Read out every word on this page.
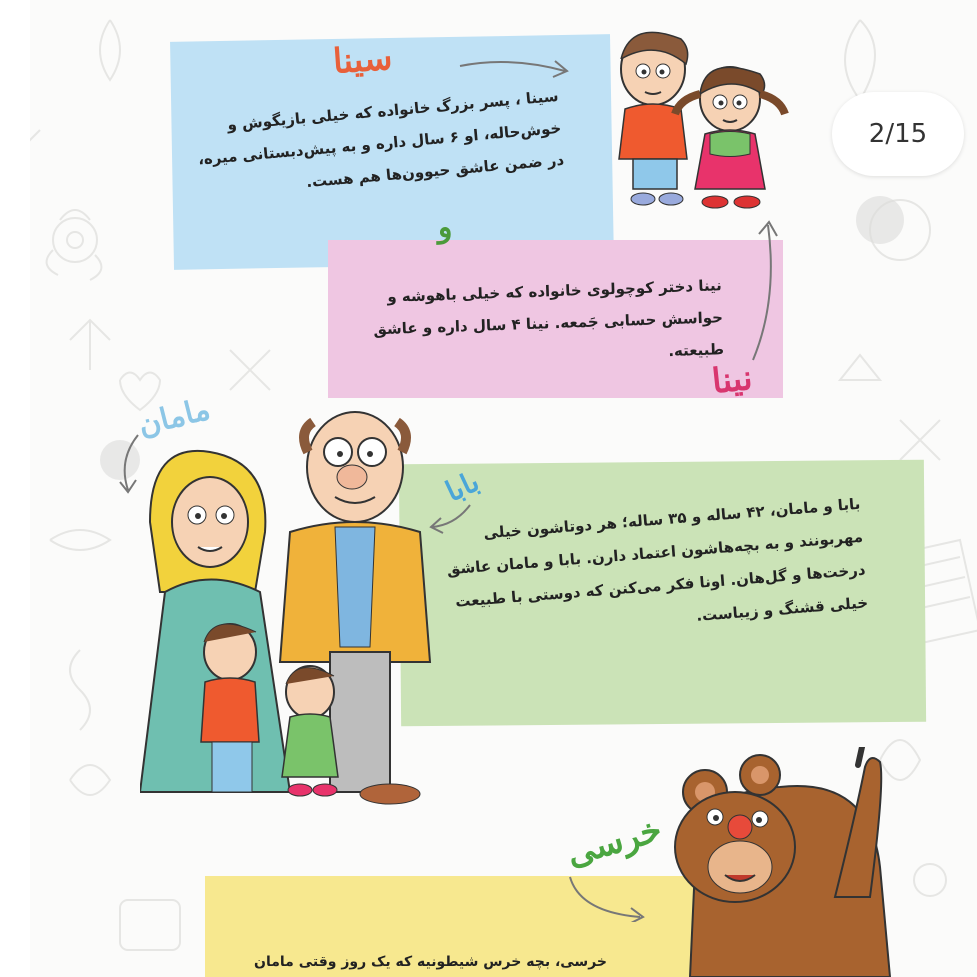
سینا ، پسر بزرگ خانواده که خیلی بازیگوش و خوش‌حاله، او ۶ سال داره و به پیش‌دبستانی میره، در ضمن عاشق حیوون‌ها هم هست.
سینا
نینا دختر کوچولوی خانواده که خیلی باهوشه و حواسش حسابی جَمعه. نینا ۴ سال داره و عاشق طبیعته.
و
نینا
بابا و مامان، ۴۲ ساله و ۳۵ ساله؛ هر دوتاشون خیلی مهربونند و به بچه‌هاشون اعتماد دارن. بابا و مامان عاشق درخت‌ها و گل‌هان. اونا فکر می‌کنن که دوستی با طبیعت خیلی قشنگ و زیباست.
مامان
بابا
خرسی، بچه خرس شیطونیه که یک روز وقتی مامان
خرسی
2/15
